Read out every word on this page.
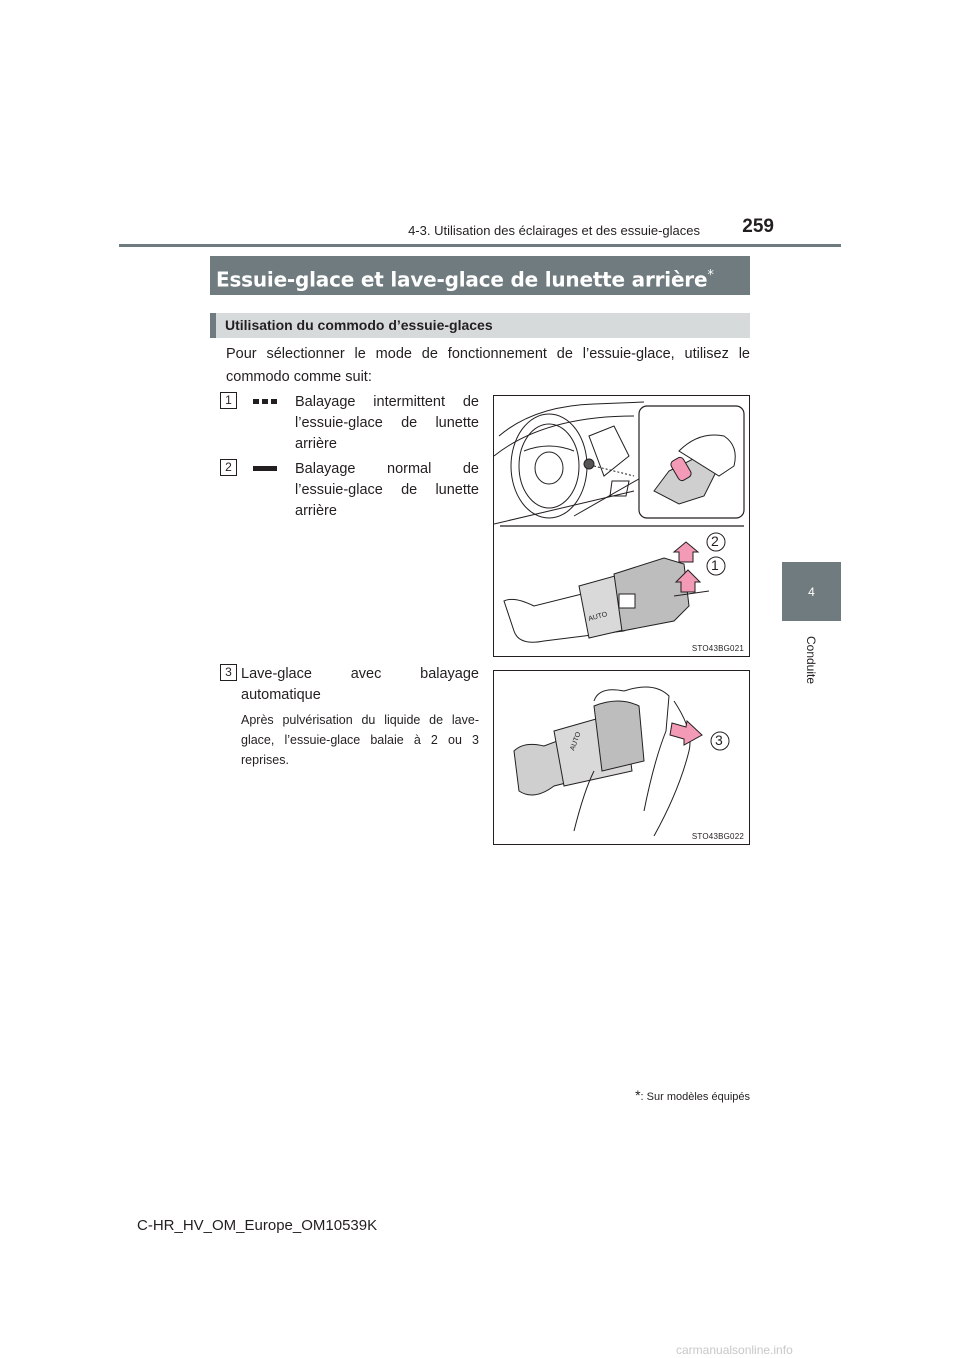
4-3. Utilisation des éclairages et des essuie-glaces	259
4
Conduite
Essuie-glace et lave-glace de lunette arrière*
Utilisation du commodo d’essuie-glaces
Pour sélectionner le mode de fonctionnement de l’essuie-glace, utilisez le commodo comme suit:
1	Balayage intermittent de l’essuie-glace de lunette arrière
2	Balayage normal de l’essuie-glace de lunette arrière
3 Lave-glace avec balayage automatique
Après pulvérisation du liquide de lave-glace, l’essuie-glace balaie à 2 ou 3 reprises.
AUTO
2
1
STO43BG021
AUTO	3
STO43BG022
*: Sur modèles équipés
C-HR_HV_OM_Europe_OM10539K
carmanualsonline.info
